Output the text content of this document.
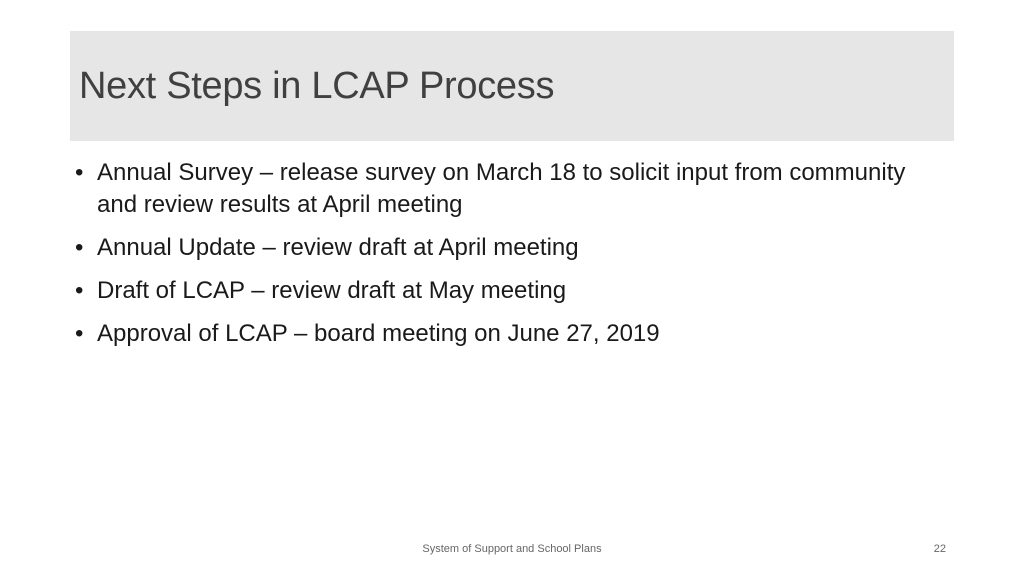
Next Steps in LCAP Process
• Annual Survey – release survey on March 18 to solicit input from community and review results at April meeting
• Annual Update – review draft at April meeting
• Draft of LCAP – review draft at May meeting
• Approval of LCAP – board meeting on June 27, 2019
System of Support and School Plans	22
